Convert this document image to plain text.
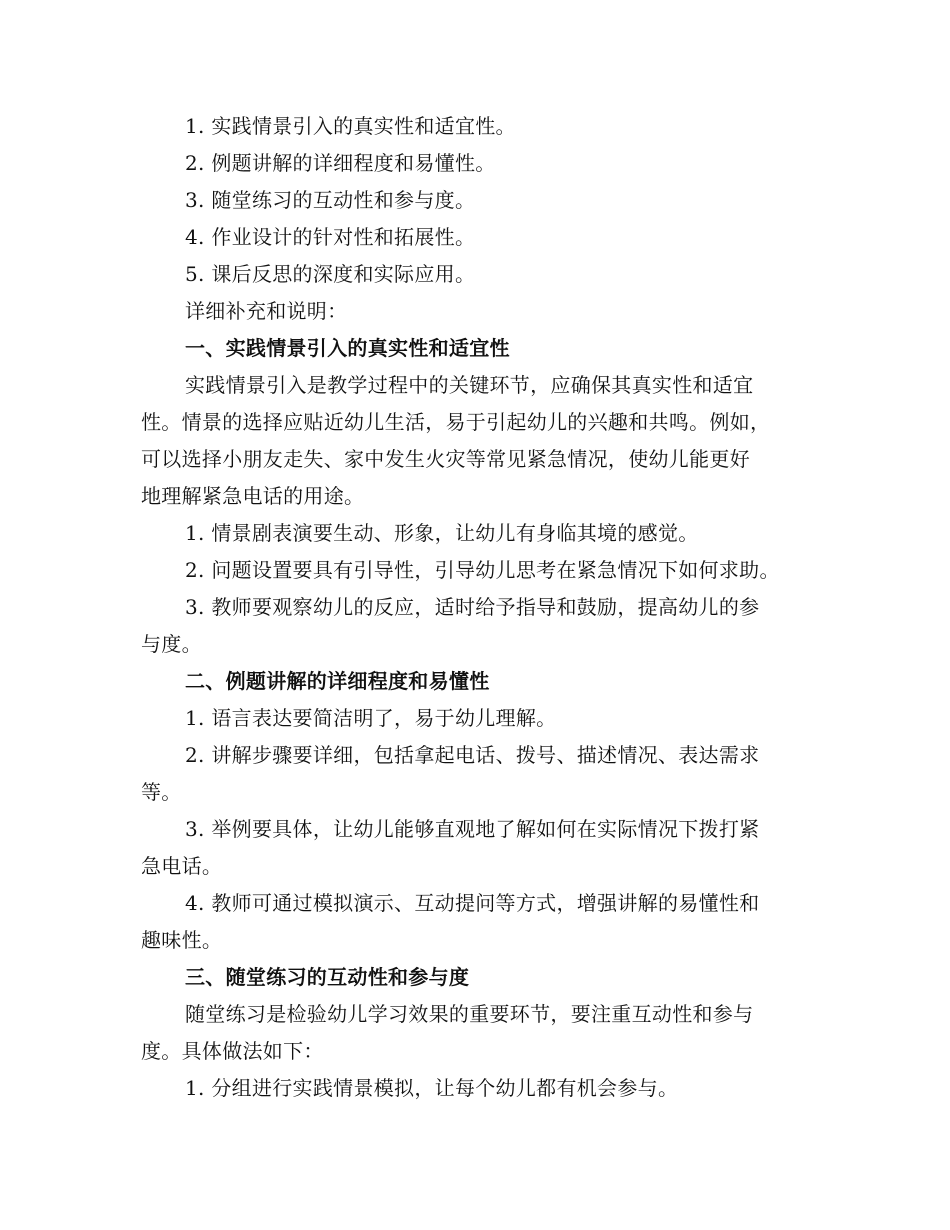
1. 实践情景引入的真实性和适宜性。
2. 例题讲解的详细程度和易懂性。
3. 随堂练习的互动性和参与度。
4. 作业设计的针对性和拓展性。
5. 课后反思的深度和实际应用。
详细补充和说明：
一、实践情景引入的真实性和适宜性
实践情景引入是教学过程中的关键环节，应确保其真实性和适宜
性。情景的选择应贴近幼儿生活，易于引起幼儿的兴趣和共鸣。例如，
可以选择小朋友走失、家中发生火灾等常见紧急情况，使幼儿能更好
地理解紧急电话的用途。
1. 情景剧表演要生动、形象，让幼儿有身临其境的感觉。
2. 问题设置要具有引导性，引导幼儿思考在紧急情况下如何求助。
3. 教师要观察幼儿的反应，适时给予指导和鼓励，提高幼儿的参
与度。
二、例题讲解的详细程度和易懂性
1. 语言表达要简洁明了，易于幼儿理解。
2. 讲解步骤要详细，包括拿起电话、拨号、描述情况、表达需求
等。
3. 举例要具体，让幼儿能够直观地了解如何在实际情况下拨打紧
急电话。
4. 教师可通过模拟演示、互动提问等方式，增强讲解的易懂性和
趣味性。
三、随堂练习的互动性和参与度
随堂练习是检验幼儿学习效果的重要环节，要注重互动性和参与
度。具体做法如下：
1. 分组进行实践情景模拟，让每个幼儿都有机会参与。
